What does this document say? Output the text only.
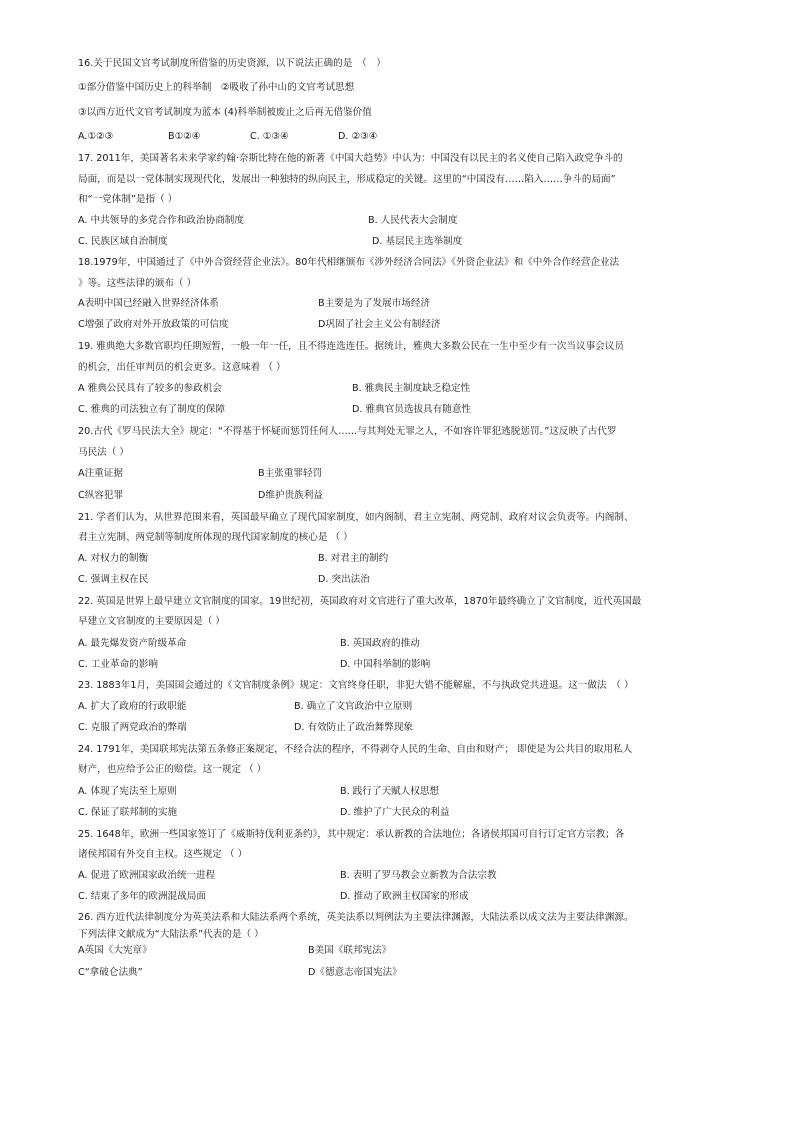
16.关于民国文官考试制度所借鉴的历史资源，以下说法正确的是　（　）
①部分借鉴中国历史上的科举制　②吸收了孙中山的文官考试思想
③以西方近代文官考试制度为蓝本 (4)科举制被废止之后再无借鉴价值
A.①②③	B①②④	C. ①③④	D. ②③④
17. 2011年，美国著名未来学家约翰·奈斯比特在他的新著《中国大趋势》中认为：中国没有以民主的名义使自己陷入政党争斗的
局面，而是以一党体制实现现代化，发展出一种独特的纵向民主，形成稳定的关键。这里的“中国没有……陷入……争斗的局面”
和“一党体制”是指（ ）
A. 中共领导的多党合作和政治协商制度	B. 人民代表大会制度
C. 民族区域自治制度	D. 基层民主选举制度
18.1979年，中国通过了《中外合资经营企业法》。80年代相继颁布《涉外经济合同法》《外资企业法》和《中外合作经营企业法
》等。这些法律的颁布（ ）
A表明中国已经融入世界经济体系	B主要是为了发展市场经济
C增强了政府对外开放政策的可信度	D巩固了社会主义公有制经济
19. 雅典绝大多数官职均任期短暂，一般一年一任，且不得连选连任。据统计，雅典大多数公民在一生中至少有一次当议事会议员
的机会，出任审判员的机会更多。这意味着 （ ）
A 雅典公民具有了较多的参政机会	B. 雅典民主制度缺乏稳定性
C. 雅典的司法独立有了制度的保障	D. 雅典官员选拔具有随意性
20.古代《罗马民法大全》规定：“不得基于怀疑而惩罚任何人……与其判处无罪之人，不如容许罪犯逃脱惩罚。”这反映了古代罗
马民法（ ）
A注重证据	B主张重罪轻罚
C纵容犯罪	D维护贵族利益
21. 学者们认为，从世界范围来看，英国最早确立了现代国家制度，如内阁制、君主立宪制、两党制、政府对议会负责等。内阁制、
君主立宪制、两党制等制度所体现的现代国家制度的核心是 （ ）
A. 对权力的制衡	B. 对君主的制约
C. 强调主权在民	D. 突出法治
22. 英国是世界上最早建立文官制度的国家。19世纪初，英国政府对文官进行了重大改革，1870年最终确立了文官制度，近代英国最
早建立文官制度的主要原因是（ ）
A. 最先爆发资产阶级革命	B. 英国政府的推动
C. 工业革命的影响	D. 中国科举制的影响
23. 1883年1月，美国国会通过的《文官制度条例》规定：文官终身任职，非犯大错不能解雇，不与执政党共进退。这一做法　（ ）
A. 扩大了政府的行政职能	B. 确立了文官政治中立原则
C. 克服了两党政治的弊端	D. 有效防止了政治舞弊现象
24. 1791年，美国联邦宪法第五条修正案规定，不经合法的程序，不得剥夺人民的生命、自由和财产； 即使是为公共目的取用私人
财产，也应给予公正的赔偿。这一规定 （ ）
A. 体现了宪法至上原则	B. 践行了天赋人权思想
C. 保证了联邦制的实施	D. 维护了广大民众的利益
25. 1648年，欧洲一些国家签订了《威斯特伐利亚条约》，其中规定：承认新教的合法地位；各诸侯邦国可自行订定官方宗教；各
诸侯邦国有外交自主权。这些规定 （ ）
A. 促进了欧洲国家政治统一进程	B. 表明了罗马教会立新教为合法宗教
C. 结束了多年的欧洲混战局面	D. 推动了欧洲主权国家的形成
26. 西方近代法律制度分为英美法系和大陆法系两个系统，英美法系以判例法为主要法律渊源，大陆法系以成文法为主要法律渊源。
下列法律文献成为“大陆法系”代表的是（ ）
A英国《大宪章》	B美国《联邦宪法》
C“拿破仑法典”	D《德意志帝国宪法》
